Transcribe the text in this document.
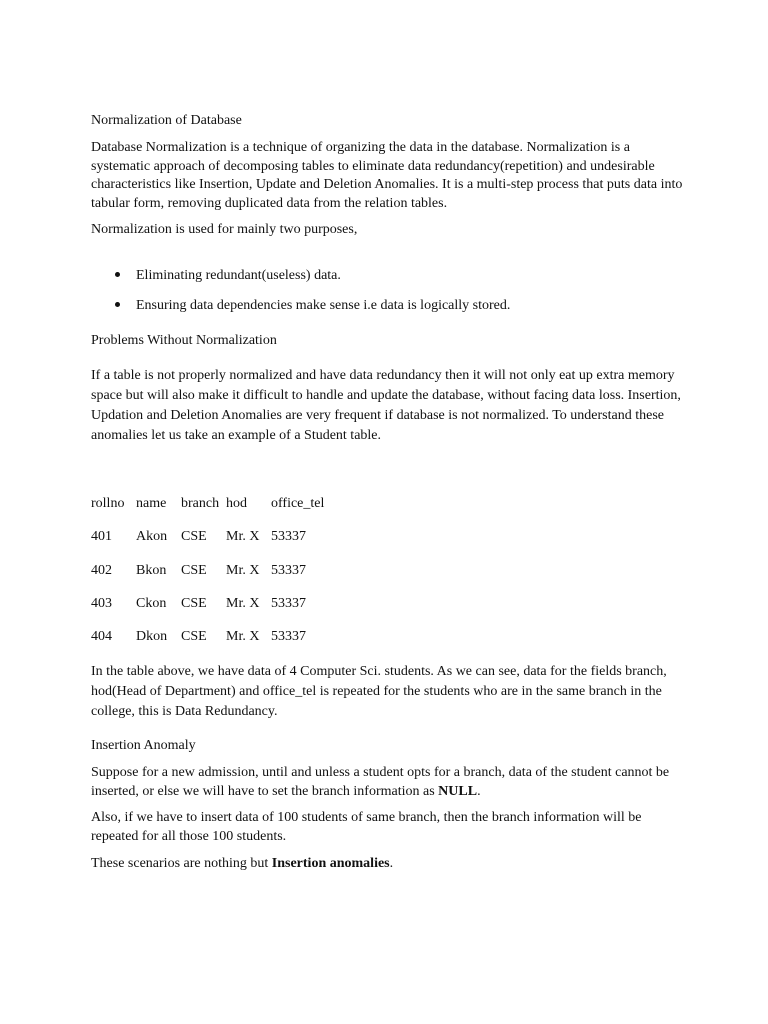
Normalization of Database

Database Normalization is a technique of organizing the data in the database. Normalization is a systematic approach of decomposing tables to eliminate data redundancy(repetition) and undesirable characteristics like Insertion, Update and Deletion Anomalies. It is a multi-step process that puts data into tabular form, removing duplicated data from the relation tables.

Normalization is used for mainly two purposes,

Eliminating redundant(useless) data.
Ensuring data dependencies make sense i.e data is logically stored.

Problems Without Normalization

If a table is not properly normalized and have data redundancy then it will not only eat up extra memory space but will also make it difficult to handle and update the database, without facing data loss. Insertion, Updation and Deletion Anomalies are very frequent if database is not normalized. To understand these anomalies let us take an example of a Student table.

rollno name branch hod office_tel
401 Akon CSE Mr. X 53337
402 Bkon CSE Mr. X 53337
403 Ckon CSE Mr. X 53337
404 Dkon CSE Mr. X 53337

In the table above, we have data of 4 Computer Sci. students. As we can see, data for the fields branch, hod(Head of Department) and office_tel is repeated for the students who are in the same branch in the college, this is Data Redundancy.

Insertion Anomaly

Suppose for a new admission, until and unless a student opts for a branch, data of the student cannot be inserted, or else we will have to set the branch information as NULL.

Also, if we have to insert data of 100 students of same branch, then the branch information will be repeated for all those 100 students.

These scenarios are nothing but Insertion anomalies.
